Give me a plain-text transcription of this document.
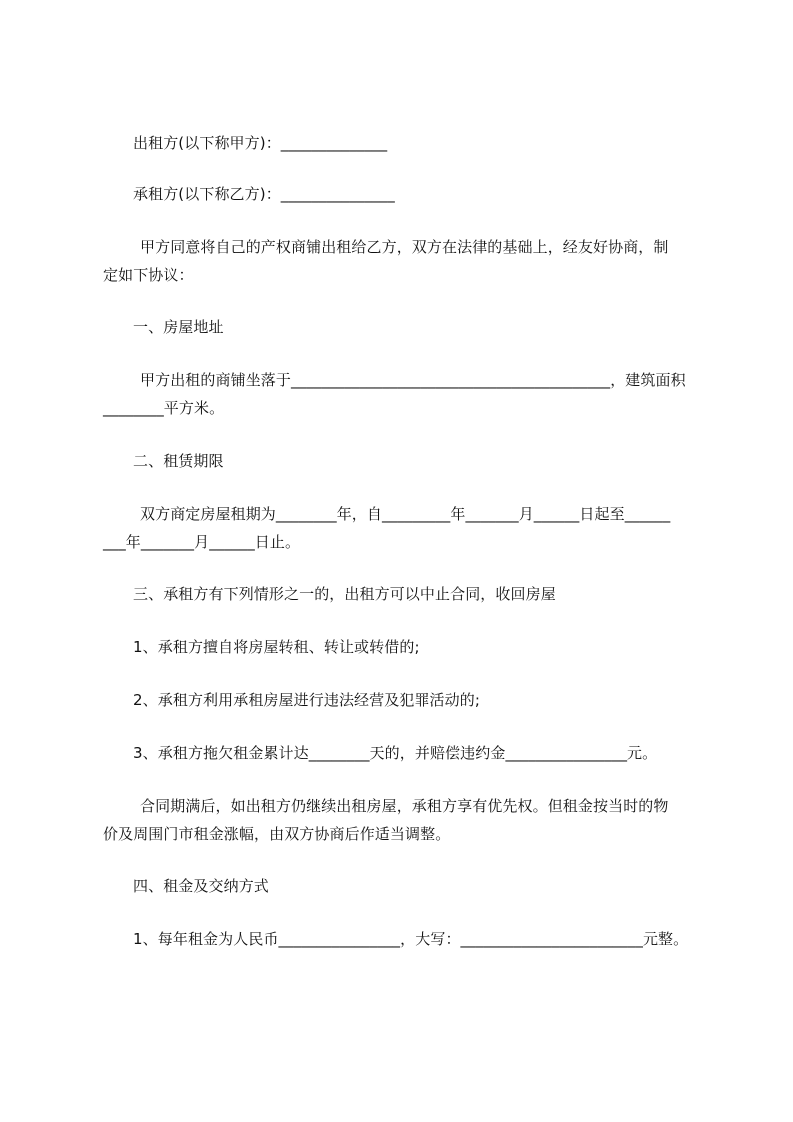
出租方(以下称甲方)：______________
承租方(以下称乙方)：_______________
甲方同意将自己的产权商铺出租给乙方，双方在法律的基础上，经友好协商，制
定如下协议：
一、房屋地址
甲方出租的商铺坐落于__________________________________________，建筑面积
________平方米。
二、租赁期限
双方商定房屋租期为________年，自_________年_______月______日起至______
___年_______月______日止。
三、承租方有下列情形之一的，出租方可以中止合同，收回房屋
1、承租方擅自将房屋转租、转让或转借的;
2、承租方利用承租房屋进行违法经营及犯罪活动的;
3、承租方拖欠租金累计达________天的，并赔偿违约金________________元。
合同期满后，如出租方仍继续出租房屋，承租方享有优先权。但租金按当时的物
价及周围门市租金涨幅，由双方协商后作适当调整。
四、租金及交纳方式
1、每年租金为人民币________________，大写：________________________元整。
